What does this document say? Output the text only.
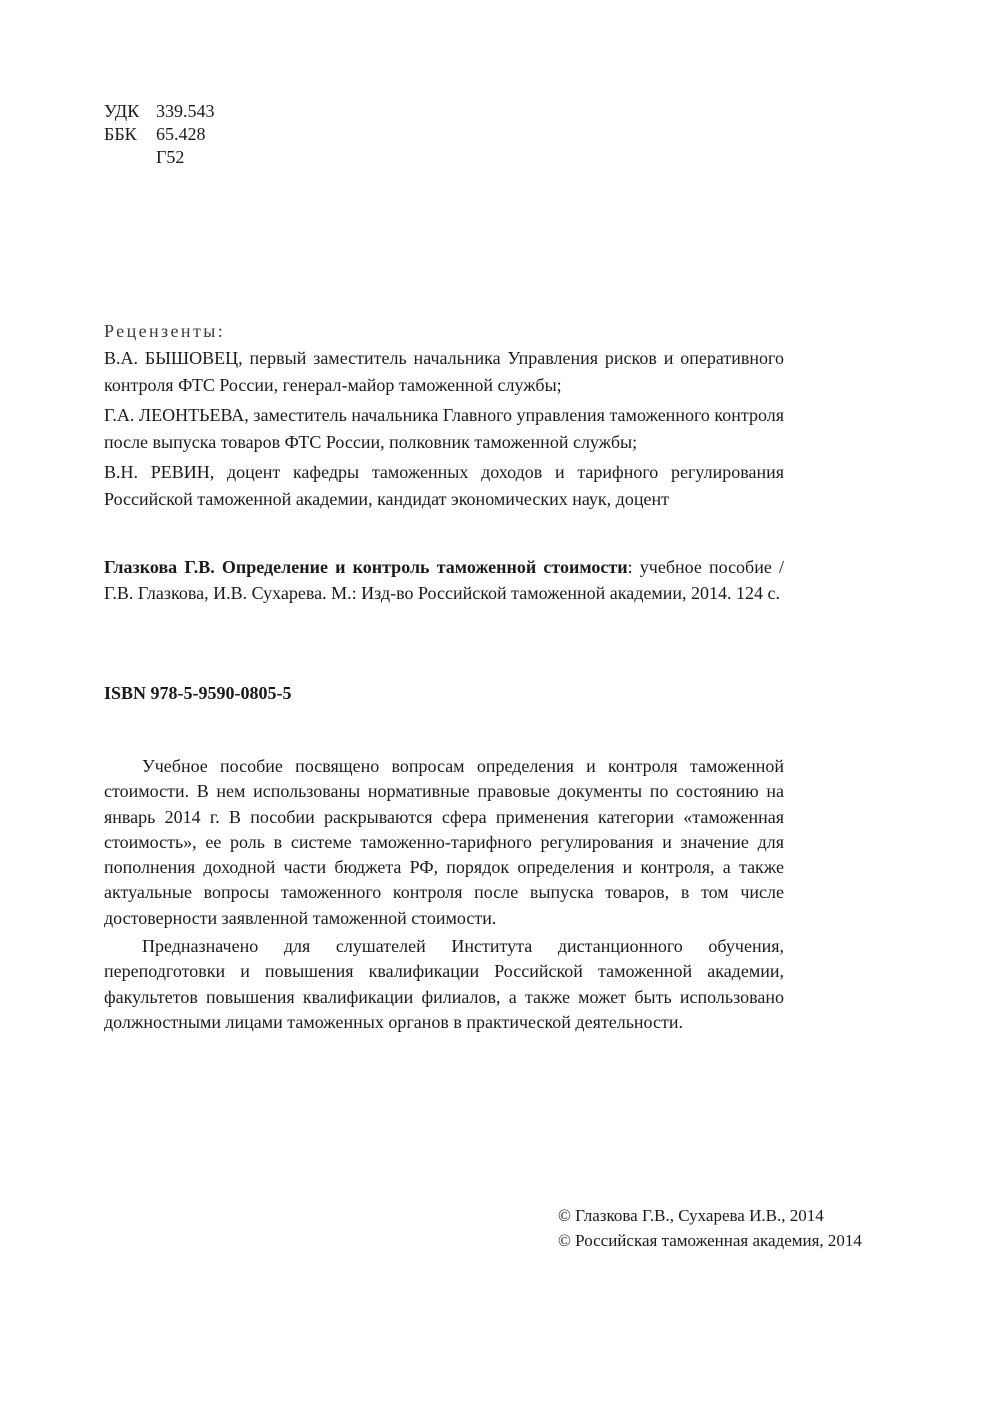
УДК 339.543
ББК	65.428
Г52
Рецензенты:

В.А. БЫШОВЕЦ, первый заместитель начальника Управления рисков и оперативного контроля ФТС России, генерал-майор таможенной службы;

Г.А. ЛЕОНТЬЕВА, заместитель начальника Главного управления таможенного контроля после выпуска товаров ФТС России, полковник таможенной службы;

В.Н. РЕВИН, доцент кафедры таможенных доходов и тарифного регулирования Российской таможенной академии, кандидат экономических наук, доцент

Глазкова Г.В. Определение и контроль таможенной стоимости: учебное пособие / Г.В. Глазкова, И.В. Сухарева. М.: Изд-во Российской таможенной академии, 2014. 124 с.
ISBN 978-5-9590-0805-5

Учебное пособие посвящено вопросам определения и контроля таможенной стоимости. В нем использованы нормативные правовые документы по состоянию на январь 2014 г. В пособии раскрываются сфера применения категории «таможенная стоимость», ее роль в системе таможенно-тарифного регулирования и значение для пополнения доходной части бюджета РФ, порядок определения и контроля, а также актуальные вопросы таможенного контроля после выпуска товаров, в том числе достоверности заявленной таможенной стоимости.

Предназначено для слушателей Института дистанционного обучения, переподготовки и повышения квалификации Российской таможенной академии, факультетов повышения квалификации филиалов, а также может быть использовано должностными лицами таможенных органов в практической деятельности.

© Глазкова Г.В., Сухарева И.В., 2014
© Российская таможенная академия, 2014
